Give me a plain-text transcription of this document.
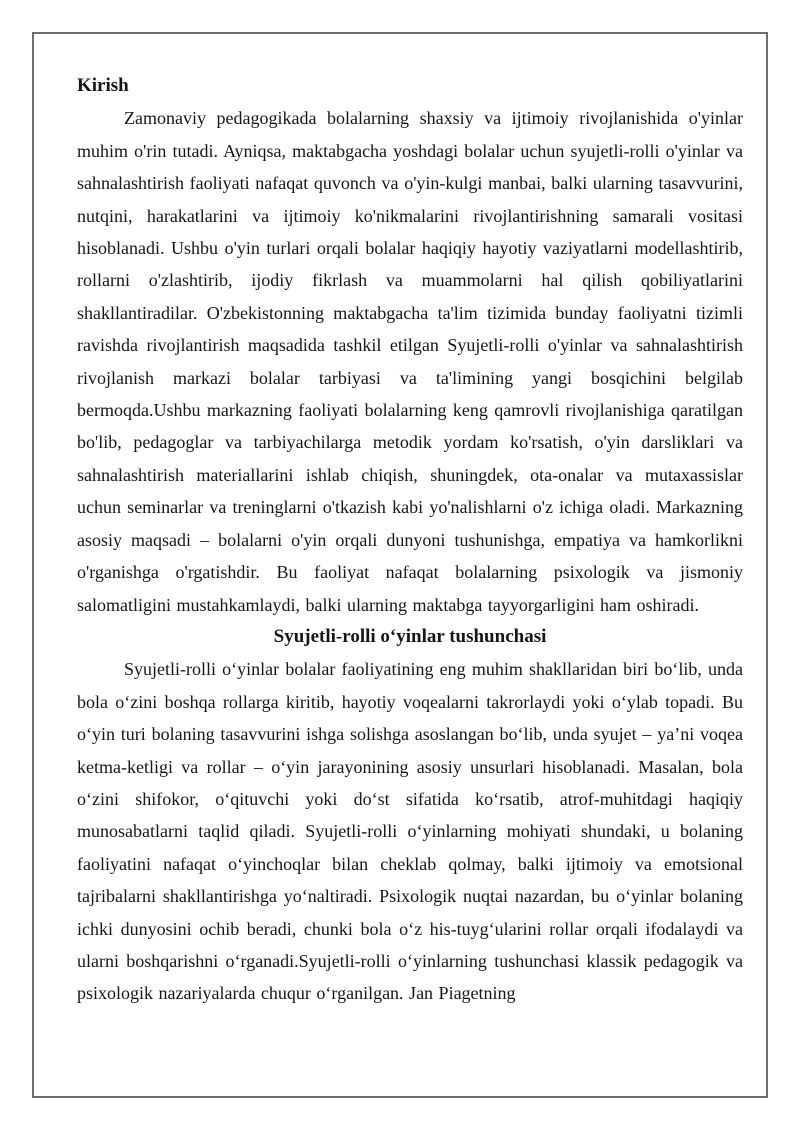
Kirish

Zamonaviy pedagogikada bolalarning shaxsiy va ijtimoiy rivojlanishida o'yinlar muhim o'rin tutadi. Ayniqsa, maktabgacha yoshdagi bolalar uchun syujetli-rolli o'yinlar va sahnalashtirish faoliyati nafaqat quvonch va o'yin-kulgi manbai, balki ularning tasavvurini, nutqini, harakatlarini va ijtimoiy ko'nikmalarini rivojlantirishning samarali vositasi hisoblanadi. Ushbu o'yin turlari orqali bolalar haqiqiy hayotiy vaziyatlarni modellashtirib, rollarni o'zlashtirib, ijodiy fikrlash va muammolarni hal qilish qobiliyatlarini shakllantiradilar. O'zbekistonning maktabgacha ta'lim tizimida bunday faoliyatni tizimli ravishda rivojlantirish maqsadida tashkil etilgan Syujetli-rolli o'yinlar va sahnalashtirish rivojlanish markazi bolalar tarbiyasi va ta'limining yangi bosqichini belgilab bermoqda.Ushbu markazning faoliyati bolalarning keng qamrovli rivojlanishiga qaratilgan bo'lib, pedagoglar va tarbiyachilarga metodik yordam ko'rsatish, o'yin darsliklari va sahnalashtirish materiallarini ishlab chiqish, shuningdek, ota-onalar va mutaxassislar uchun seminarlar va treninglarni o'tkazish kabi yo'nalishlarni o'z ichiga oladi. Markazning asosiy maqsadi – bolalarni o'yin orqali dunyoni tushunishga, empatiya va hamkorlikni o'rganishga o'rgatishdir. Bu faoliyat nafaqat bolalarning psixologik va jismoniy salomatligini mustahkamlaydi, balki ularning maktabga tayyorgarligini ham oshiradi.

Syujetli-rolli oʻyinlar tushunchasi

Syujetli-rolli oʻyinlar bolalar faoliyatining eng muhim shakllaridan biri boʻlib, unda bola oʻzini boshqa rollarga kiritib, hayotiy voqealarni takrorlaydi yoki oʻylab topadi. Bu oʻyin turi bolaning tasavvurini ishga solishga asoslangan boʻlib, unda syujet – ya’ni voqea ketma-ketligi va rollar – oʻyin jarayonining asosiy unsurlari hisoblanadi. Masalan, bola oʻzini shifokor, oʻqituvchi yoki doʻst sifatida koʻrsatib, atrof-muhitdagi haqiqiy munosabatlarni taqlid qiladi. Syujetli-rolli oʻyinlarning mohiyati shundaki, u bolaning faoliyatini nafaqat oʻyinchoqlar bilan cheklab qolmay, balki ijtimoiy va emotsional tajribalarni shakllantirishga yoʻnaltiradi. Psixologik nuqtai nazardan, bu oʻyinlar bolaning ichki dunyosini ochib beradi, chunki bola oʻz his-tuygʻularini rollar orqali ifodalaydi va ularni boshqarishni oʻrganadi.Syujetli-rolli oʻyinlarning tushunchasi klassik pedagogik va psixologik nazariyalarda chuqur oʻrganilgan. Jan Piagetning
